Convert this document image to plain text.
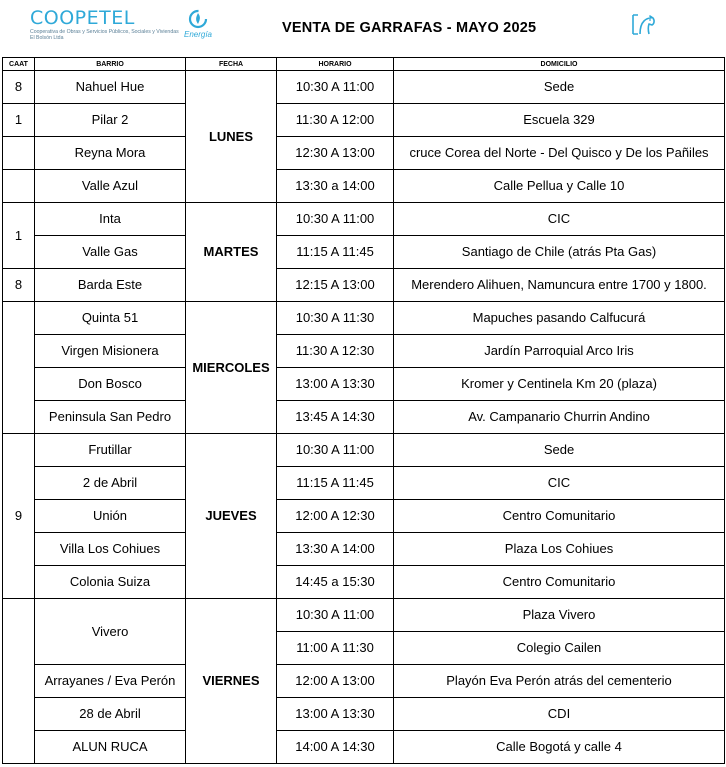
COOPETEL
Cooperativa de Obras y Servicios Públicos, Sociales y Viviendas El Bolsón Ltda	Energía	VENTA DE GARRAFAS - MAYO 2025
CAAT	BARRIO	FECHA	HORARIO	DOMICILIO
8	Nahuel Hue	LUNES	10:30 A 11:00	Sede
1	Pilar 2		11:30 A 12:00	Escuela 329
	Reyna Mora		12:30 A 13:00	cruce Corea del Norte - Del Quisco y De los Pañiles
	Valle Azul		13:30 a 14:00	Calle Pellua y Calle 10
1	Inta	MARTES	10:30 A 11:00	CIC
	Valle Gas		11:15 A 11:45	Santiago de Chile (atrás Pta Gas)
8	Barda Este		12:15 A 13:00	Merendero Alihuen, Namuncura entre 1700 y 1800.
	Quinta 51	MIERCOLES	10:30 A 11:30	Mapuches pasando Calfucurá
	Virgen Misionera		11:30 A 12:30	Jardín Parroquial Arco Iris
	Don Bosco		13:00 A 13:30	Kromer y Centinela Km 20 (plaza)
	Peninsula San Pedro		13:45 A 14:30	Av. Campanario Churrin Andino
9	Frutillar	JUEVES	10:30 A 11:00	Sede
	2 de Abril		11:15 A 11:45	CIC
	Unión		12:00 A 12:30	Centro Comunitario
	Villa Los Cohiues		13:30 A 14:00	Plaza Los Cohiues
	Colonia Suiza		14:45 a 15:30	Centro Comunitario
	Vivero	VIERNES	10:30 A 11:00	Plaza Vivero
			11:00 A 11:30	Colegio Cailen
	Arrayanes / Eva Perón		12:00 A 13:00	Playón Eva Perón atrás del cementerio
	28 de Abril		13:00 A 13:30	CDI
	ALUN RUCA		14:00 A 14:30	Calle Bogotá y calle 4
